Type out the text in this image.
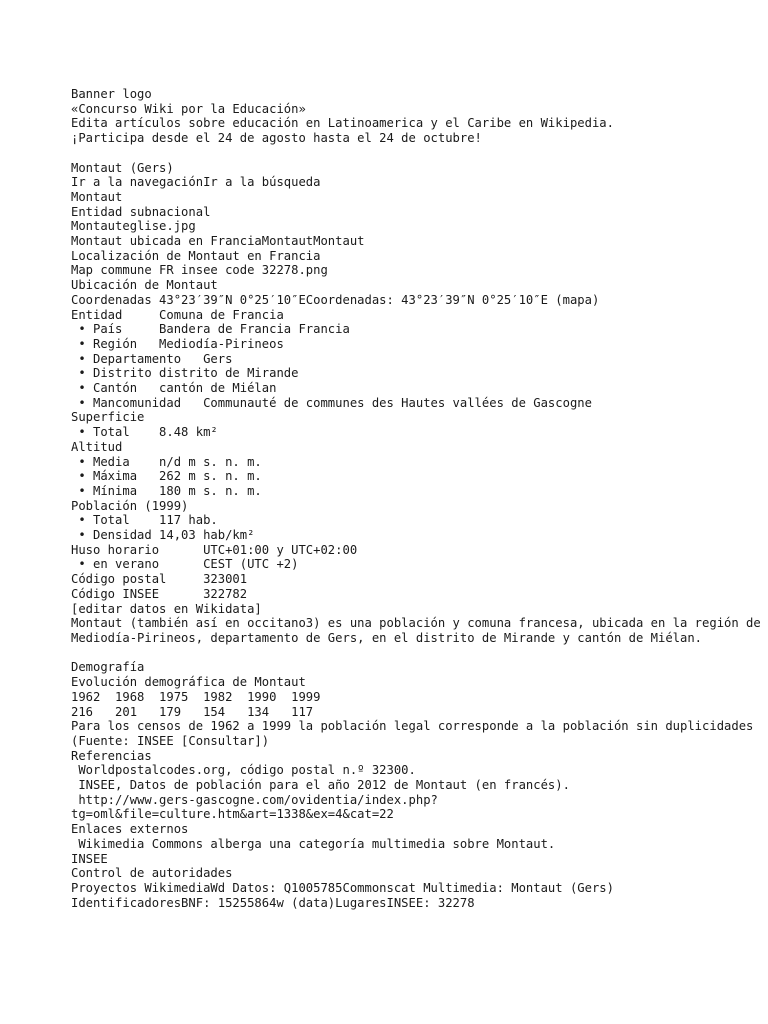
Banner logo
«Concurso Wiki por la Educación»
Edita artículos sobre educación en Latinoamerica y el Caribe en Wikipedia.
¡Participa desde el 24 de agosto hasta el 24 de octubre!
Montaut (Gers)
Ir a la navegaciónIr a la búsqueda
Montaut
Entidad subnacional
Montauteglise.jpg
Montaut ubicada en FranciaMontautMontaut
Localización de Montaut en Francia
Map commune FR insee code 32278.png
Ubicación de Montaut
Coordenadas 43°23′39″N 0°25′10″ECoordenadas: 43°23′39″N 0°25′10″E (mapa)
Entidad     Comuna de Francia
• País     Bandera de Francia Francia
• Región   Mediodía-Pirineos
• Departamento   Gers
• Distrito distrito de Mirande
• Cantón   cantón de Miélan
• Mancomunidad   Communauté de communes des Hautes vallées de Gascogne
Superficie
• Total    8.48 km²
Altitud
• Media    n/d m s. n. m.
• Máxima   262 m s. n. m.
• Mínima   180 m s. n. m.
Población (1999)
• Total    117 hab.
• Densidad 14,03 hab/km²
Huso horario      UTC+01:00 y UTC+02:00
• en verano      CEST (UTC +2)
Código postal     323001
Código INSEE      322782
[editar datos en Wikidata]
Montaut (también así en occitano3) es una población y comuna francesa, ubicada en la región de Mediodía-Pirineos, departamento de Gers, en el distrito de Mirande y cantón de Miélan.
Demografía
Evolución demográfica de Montaut
1962  1968  1975  1982  1990  1999
216   201   179   154   134   117
Para los censos de 1962 a 1999 la población legal corresponde a la población sin duplicidades
(Fuente: INSEE [Consultar])
Referencias
Worldpostalcodes.org, código postal n.º 32300.
INSEE, Datos de población para el año 2012 de Montaut (en francés).
http://www.gers-gascogne.com/ovidentia/index.php?
tg=oml&file=culture.htm&art=1338&ex=4&cat=22
Enlaces externos
Wikimedia Commons alberga una categoría multimedia sobre Montaut.
INSEE
Control de autoridades
Proyectos WikimediaWd Datos: Q1005785Commonscat Multimedia: Montaut (Gers)
IdentificadoresBNF: 15255864w (data)LugaresINSEE: 32278
